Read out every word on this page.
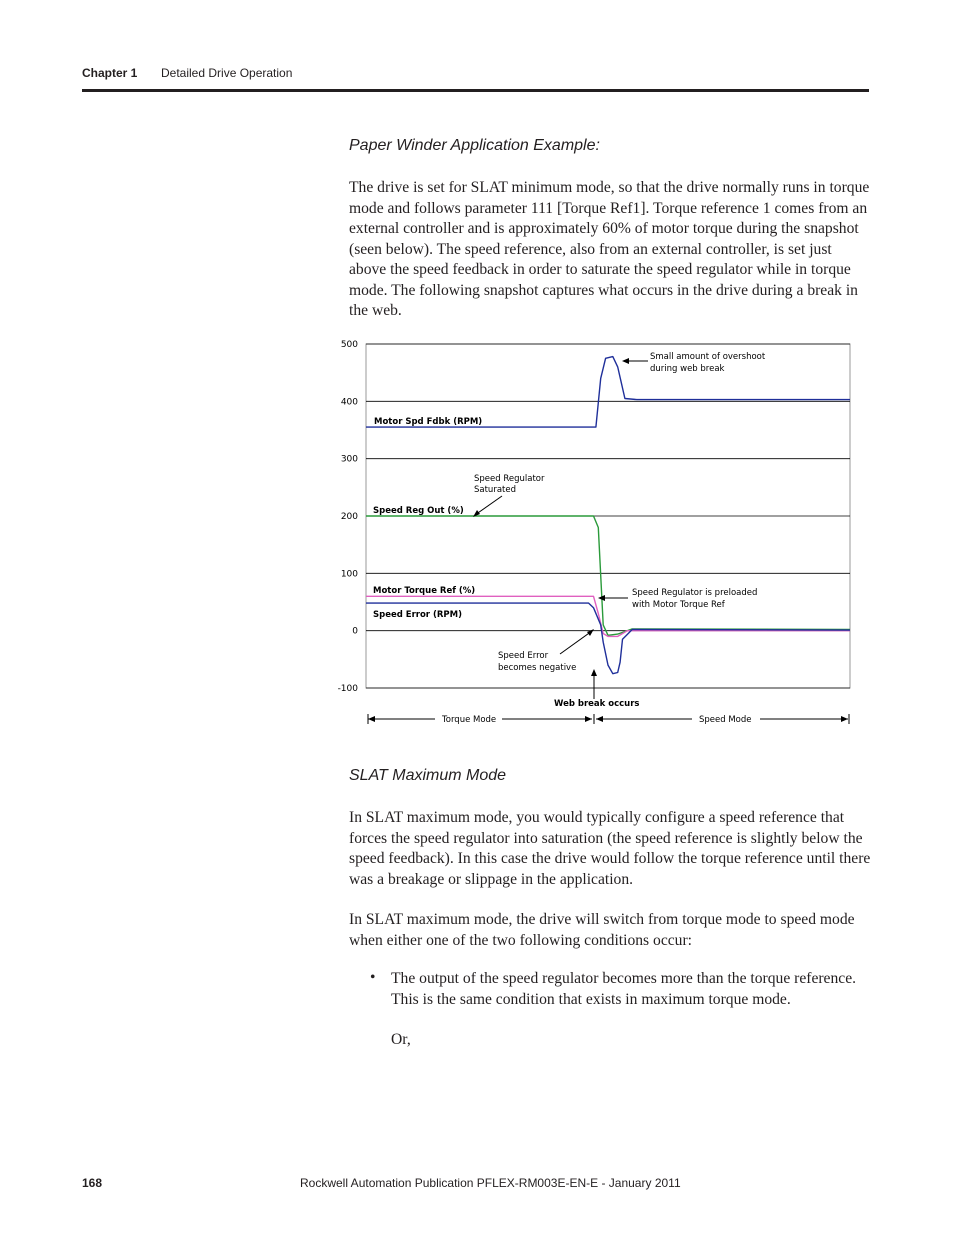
Chapter 1 Detailed Drive Operation
Paper Winder Application Example:

The drive is set for SLAT minimum mode, so that the drive normally runs in torque mode and follows parameter 111 [Torque Ref1]. Torque reference 1 comes from an external controller and is approximately 60% of motor torque during the snapshot (seen below). The speed reference, also from an external controller, is set just above the speed feedback in order to saturate the speed regulator while in torque mode. The following snapshot captures what occurs in the drive during a break in the web.

500
400
300
200
100
0
-100
Motor Spd Fdbk (RPM)
Speed Reg Out (%)
Motor Torque Ref (%)
Speed Error (RPM)
Small amount of overshoot
during web break
Speed Regulator
Saturated
Speed Regulator is preloaded
with Motor Torque Ref
Speed Error
becomes negative
Web break occurs
Torque Mode	Speed Mode
SLAT Maximum Mode

In SLAT maximum mode, you would typically configure a speed reference that forces the speed regulator into saturation (the speed reference is slightly below the speed feedback). In this case the drive would follow the torque reference until there was a breakage or slippage in the application.

In SLAT maximum mode, the drive will switch from torque mode to speed mode when either one of the two following conditions occur:

• The output of the speed regulator becomes more than the torque reference. This is the same condition that exists in maximum torque mode.

Or,
168	Rockwell Automation Publication PFLEX-RM003E-EN-E - January 2011
